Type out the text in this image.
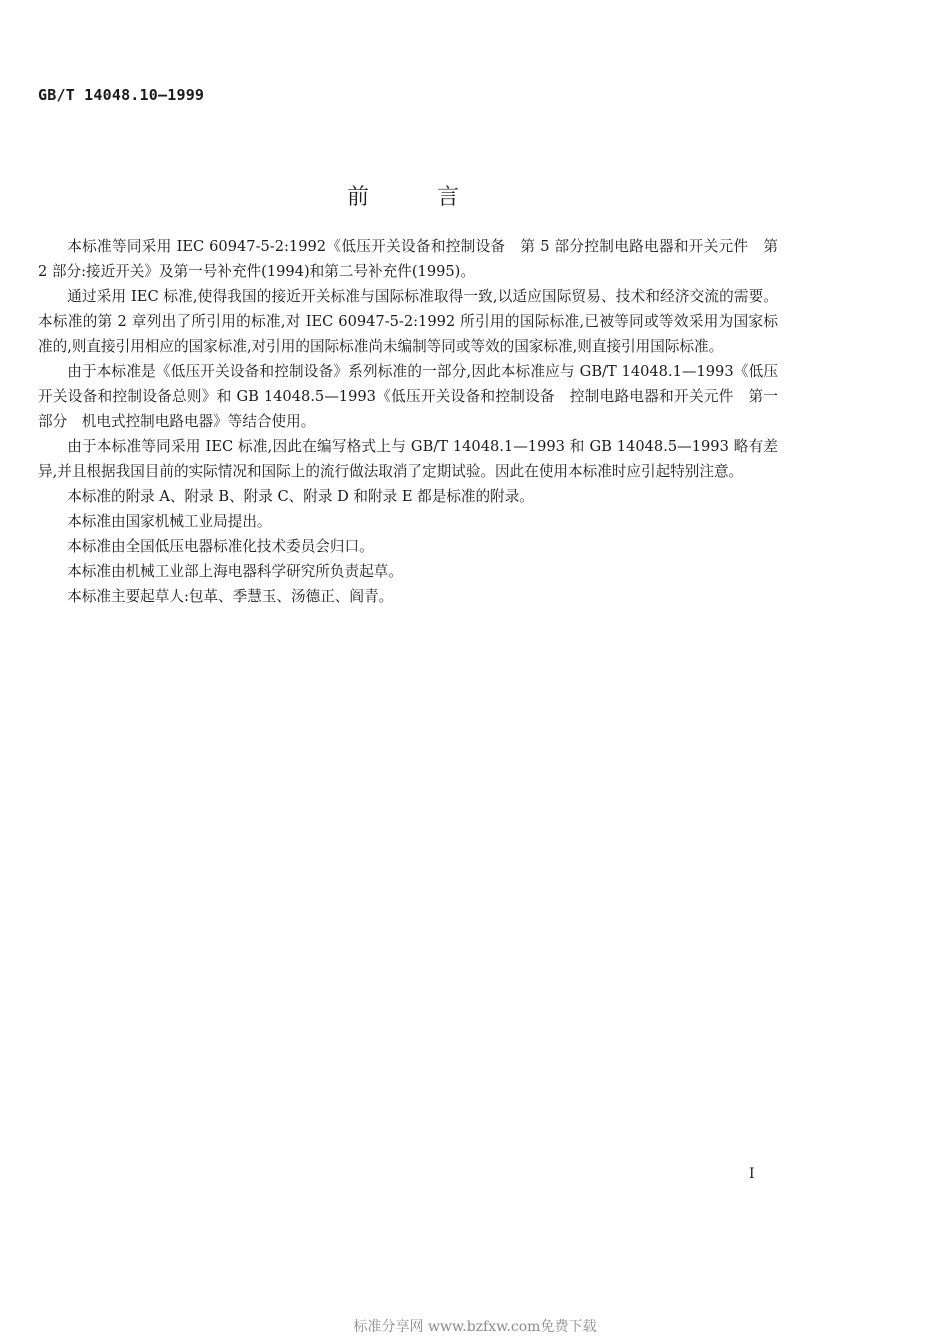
GB/T 14048.10—1999
前言

本标准等同采用 IEC 60947-5-2:1992《低压开关设备和控制设备　第 5 部分控制电路电器和开关元件　第 2 部分:接近开关》及第一号补充件(1994)和第二号补充件(1995)。

通过采用 IEC 标准,使得我国的接近开关标准与国际标准取得一致,以适应国际贸易、技术和经济交流的需要。本标准的第 2 章列出了所引用的标准,对 IEC 60947-5-2:1992 所引用的国际标准,已被等同或等效采用为国家标准的,则直接引用相应的国家标准,对引用的国际标准尚未编制等同或等效的国家标准,则直接引用国际标准。

由于本标准是《低压开关设备和控制设备》系列标准的一部分,因此本标准应与 GB/T 14048.1—1993《低压开关设备和控制设备总则》和 GB 14048.5—1993《低压开关设备和控制设备　控制电路电器和开关元件　第一部分　机电式控制电路电器》等结合使用。

由于本标准等同采用 IEC 标准,因此在编写格式上与 GB/T 14048.1—1993 和 GB 14048.5—1993 略有差异,并且根据我国目前的实际情况和国际上的流行做法取消了定期试验。因此在使用本标准时应引起特别注意。

本标准的附录 A、附录 B、附录 C、附录 D 和附录 E 都是标准的附录。

本标准由国家机械工业局提出。

本标准由全国低压电器标准化技术委员会归口。

本标准由机械工业部上海电器科学研究所负责起草。

本标准主要起草人:包革、季慧玉、汤德正、阎青。

I
标准分享网 www.bzfxw.com免费下载
